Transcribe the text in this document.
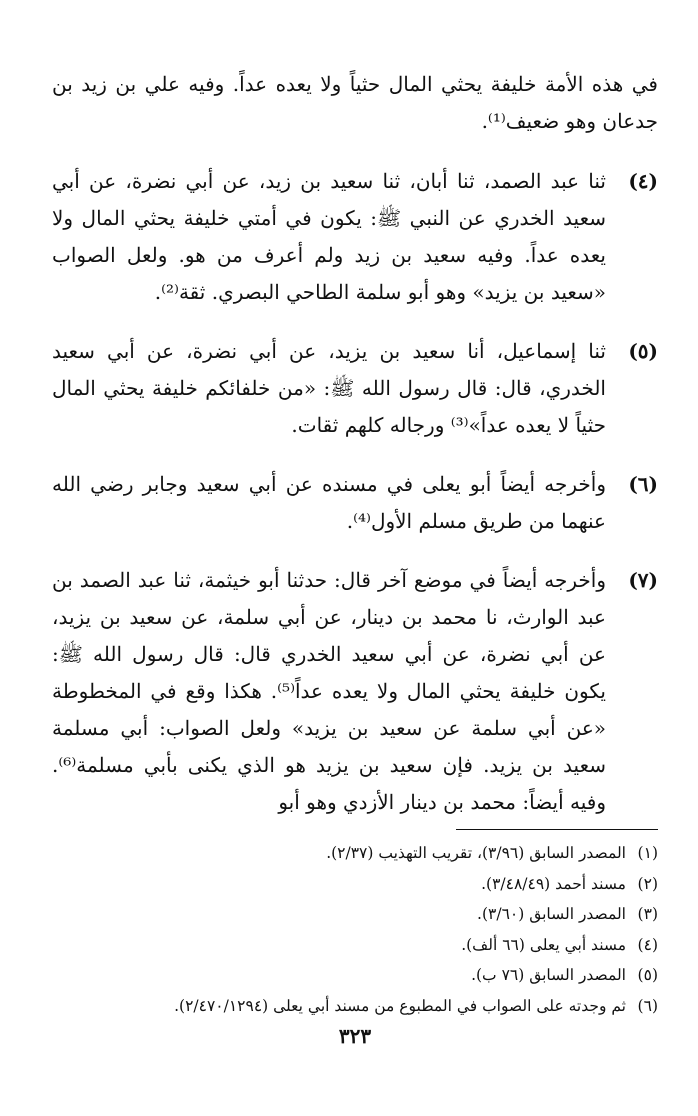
في هذه الأمة خليفة يحثي المال حثياً ولا يعده عداً. وفيه علي بن زيد بن جدعان وهو ضعيف⁽¹⁾.

(٤)
ثنا عبد الصمد، ثنا أبان، ثنا سعيد بن زيد، عن أبي نضرة، عن أبي سعيد الخدري عن النبي ﷺ: يكون في أمتي خليفة يحثي المال ولا يعده عداً. وفيه سعيد بن زيد ولم أعرف من هو. ولعل الصواب «سعيد بن يزيد» وهو أبو سلمة الطاحي البصري. ثقة⁽²⁾.
(٥)
ثنا إسماعيل، أنا سعيد بن يزيد، عن أبي نضرة، عن أبي سعيد الخدري، قال: قال رسول الله ﷺ: «من خلفائكم خليفة يحثي المال حثياً لا يعده عداً»⁽³⁾ ورجاله كلهم ثقات.
(٦)
وأخرجه أيضاً أبو يعلى في مسنده عن أبي سعيد وجابر رضي الله عنهما من طريق مسلم الأول⁽⁴⁾.
(٧)
وأخرجه أيضاً في موضع آخر قال: حدثنا أبو خيثمة، ثنا عبد الصمد بن عبد الوارث، نا محمد بن دينار، عن أبي سلمة، عن سعيد بن يزيد، عن أبي نضرة، عن أبي سعيد الخدري قال: قال رسول الله ﷺ: يكون خليفة يحثي المال ولا يعده عداً⁽⁵⁾. هكذا وقع في المخطوطة «عن أبي سلمة عن سعيد بن يزيد» ولعل الصواب: أبي مسلمة سعيد بن يزيد. فإن سعيد بن يزيد هو الذي يكنى بأبي مسلمة⁽⁶⁾. وفيه أيضاً: محمد بن دينار الأزدي وهو أبو
(١)
المصدر السابق (٣/٩٦)، تقريب التهذيب (٢/٣٧).
(٢)
مسند أحمد (٣/٤٨/٤٩).
(٣)
المصدر السابق (٣/٦٠).
(٤)
مسند أبي يعلى (٦٦ ألف).
(٥)
المصدر السابق (٧٦ ب).
(٦)
ثم وجدته على الصواب في المطبوع من مسند أبي يعلى (٢/٤٧٠/١٢٩٤).
٣٢٣
